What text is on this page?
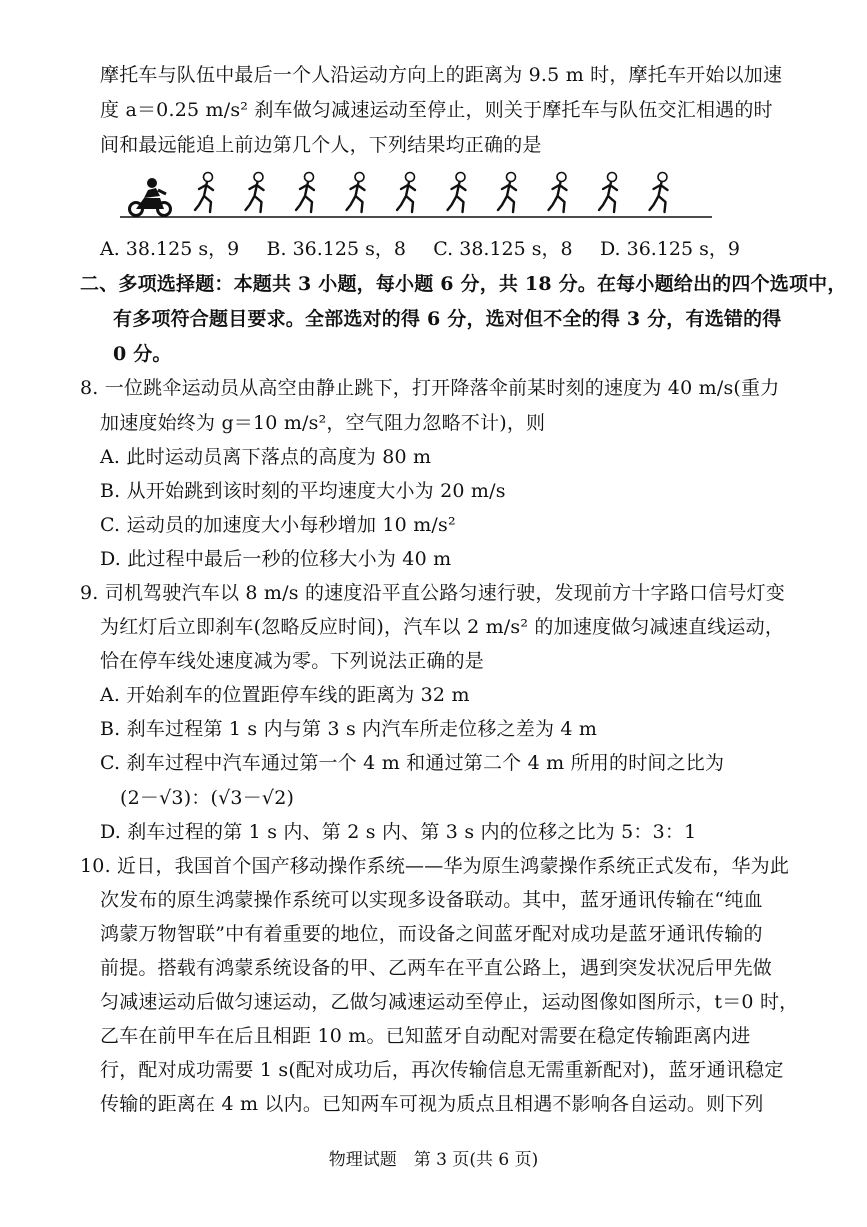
摩托车与队伍中最后一个人沿运动方向上的距离为 9.5 m 时，摩托车开始以加速
度 a＝0.25 m/s² 刹车做匀减速运动至停止，则关于摩托车与队伍交汇相遇的时
间和最远能追上前边第几个人，下列结果均正确的是
A. 38.125 s，9 B. 36.125 s，8 C. 38.125 s，8 D. 36.125 s，9
二、多项选择题：本题共 3 小题，每小题 6 分，共 18 分。在每小题给出的四个选项中，
有多项符合题目要求。全部选对的得 6 分，选对但不全的得 3 分，有选错的得
0 分。
8. 一位跳伞运动员从高空由静止跳下，打开降落伞前某时刻的速度为 40 m/s(重力
加速度始终为 g＝10 m/s²，空气阻力忽略不计)，则
A. 此时运动员离下落点的高度为 80 m
B. 从开始跳到该时刻的平均速度大小为 20 m/s
C. 运动员的加速度大小每秒增加 10 m/s²
D. 此过程中最后一秒的位移大小为 40 m
9. 司机驾驶汽车以 8 m/s 的速度沿平直公路匀速行驶，发现前方十字路口信号灯变
为红灯后立即刹车(忽略反应时间)，汽车以 2 m/s² 的加速度做匀减速直线运动，
恰在停车线处速度减为零。下列说法正确的是
A. 开始刹车的位置距停车线的距离为 32 m
B. 刹车过程第 1 s 内与第 3 s 内汽车所走位移之差为 4 m
C. 刹车过程中汽车通过第一个 4 m 和通过第二个 4 m 所用的时间之比为
(2－√3)：(√3－√2)
D. 刹车过程的第 1 s 内、第 2 s 内、第 3 s 内的位移之比为 5：3：1
10. 近日，我国首个国产移动操作系统——华为原生鸿蒙操作系统正式发布，华为此
次发布的原生鸿蒙操作系统可以实现多设备联动。其中，蓝牙通讯传输在“纯血
鸿蒙万物智联”中有着重要的地位，而设备之间蓝牙配对成功是蓝牙通讯传输的
前提。搭载有鸿蒙系统设备的甲、乙两车在平直公路上，遇到突发状况后甲先做
匀减速运动后做匀速运动，乙做匀减速运动至停止，运动图像如图所示，t＝0 时，
乙车在前甲车在后且相距 10 m。已知蓝牙自动配对需要在稳定传输距离内进
行，配对成功需要 1 s(配对成功后，再次传输信息无需重新配对)，蓝牙通讯稳定
传输的距离在 4 m 以内。已知两车可视为质点且相遇不影响各自运动。则下列
物理试题　第 3 页(共 6 页)
